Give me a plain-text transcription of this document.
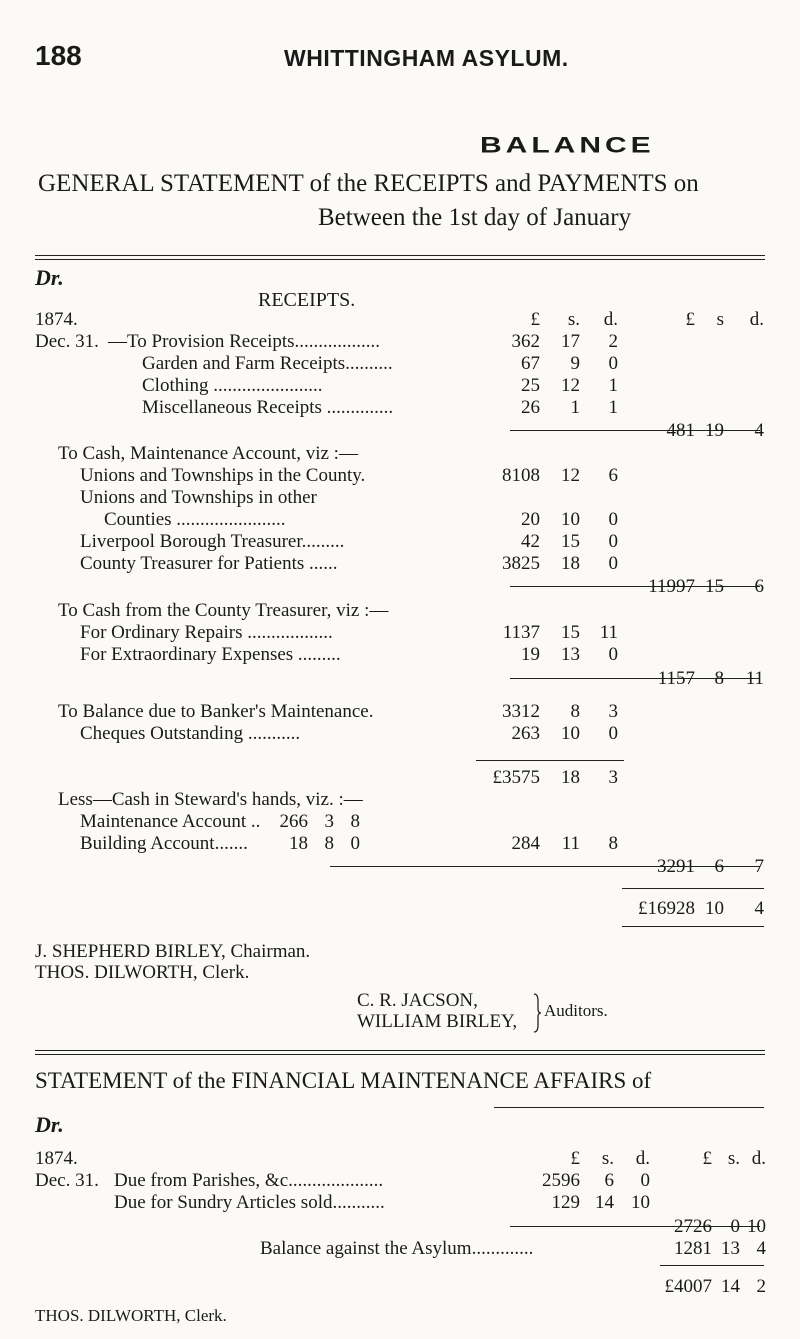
188	WHITTINGHAM ASYLUM.
BALANCE
GENERAL STATEMENT of the RECEIPTS and PAYMENTS on
Between the 1st day of January
Dr.
RECEIPTS.
1874.	£	s.	d.	£	s	d.
Dec. 31. —To Provision Receipts..................	362	17	2
Garden and Farm Receipts..........	67	9	0
Clothing .......................	25	12	1
Miscellaneous Receipts ..............	26	1	1
481 19	4
To Cash, Maintenance Account, viz :—
Unions and Townships in the County.	8108	12	6
Unions and Townships in other
Counties .......................	20	10	0
Liverpool Borough Treasurer.........	42	15	0
County Treasurer for Patients ......	3825	18	0
11997 15	6
To Cash from the County Treasurer, viz :—
For Ordinary Repairs ..................	1137	15	11
For Extraordinary Expenses .........	19	13	0
1157	8	11
To Balance due to Banker's Maintenance.	3312	8	3
Cheques Outstanding ...........	263	10	0
£3575	18	3
Less—Cash in Steward's hands, viz. :—
Maintenance Account ..	266 3 8
Building Account.......	18 8 0	284	11	8
3291	6	7
£16928 10	4
J. SHEPHERD BIRLEY, Chairman.
THOS. DILWORTH, Clerk.
C. R. JACSON,
WILLIAM BIRLEY,
Auditors.
STATEMENT of the FINANCIAL MAINTENANCE AFFAIRS of
Dr.
1874.	£	s.	d.	£ s. d.
Dec. 31. Due from Parishes, &c....................	2596	6	0
Due for Sundry Articles sold...........	129 14 10
2726 0 10
Balance against the Asylum.............	1281 13 4
£4007 14 2
THOS. DILWORTH, Clerk.
